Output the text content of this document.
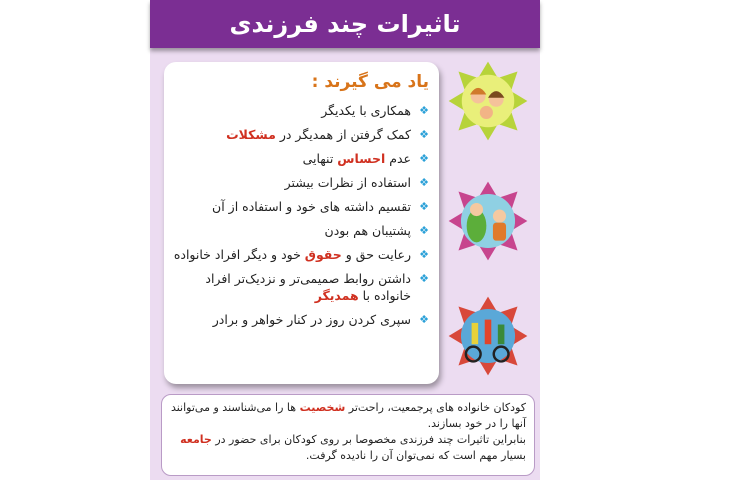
تاثیرات چند فرزندی
یاد می گیرند :
❖
همکاری با یکدیگر
❖
کمک گرفتن از همدیگر در مشکلات
❖
عدم احساس تنهایی
❖
استفاده از نظرات بیشتر
❖
تقسیم داشته های خود و استفاده از آن
❖
پشتیبان هم بودن
❖
رعایت حق و حقوق خود و دیگر افراد خانواده
❖
داشتن روابط صمیمی‌تر و نزدیک‌تر افراد خانواده با همدیگر
❖
سپری کردن روز در کنار خواهر و برادر

کودکان خانواده های پرجمعیت، راحت‌تر شخصیت ها را می‌شناسند و می‌توانند آنها را در خود بسازند.

بنابراین تاثیرات چند فرزندی مخصوصا بر روی کودکان برای حضور در جامعه بسیار مهم است که نمی‌توان آن را نادیده گرفت.
